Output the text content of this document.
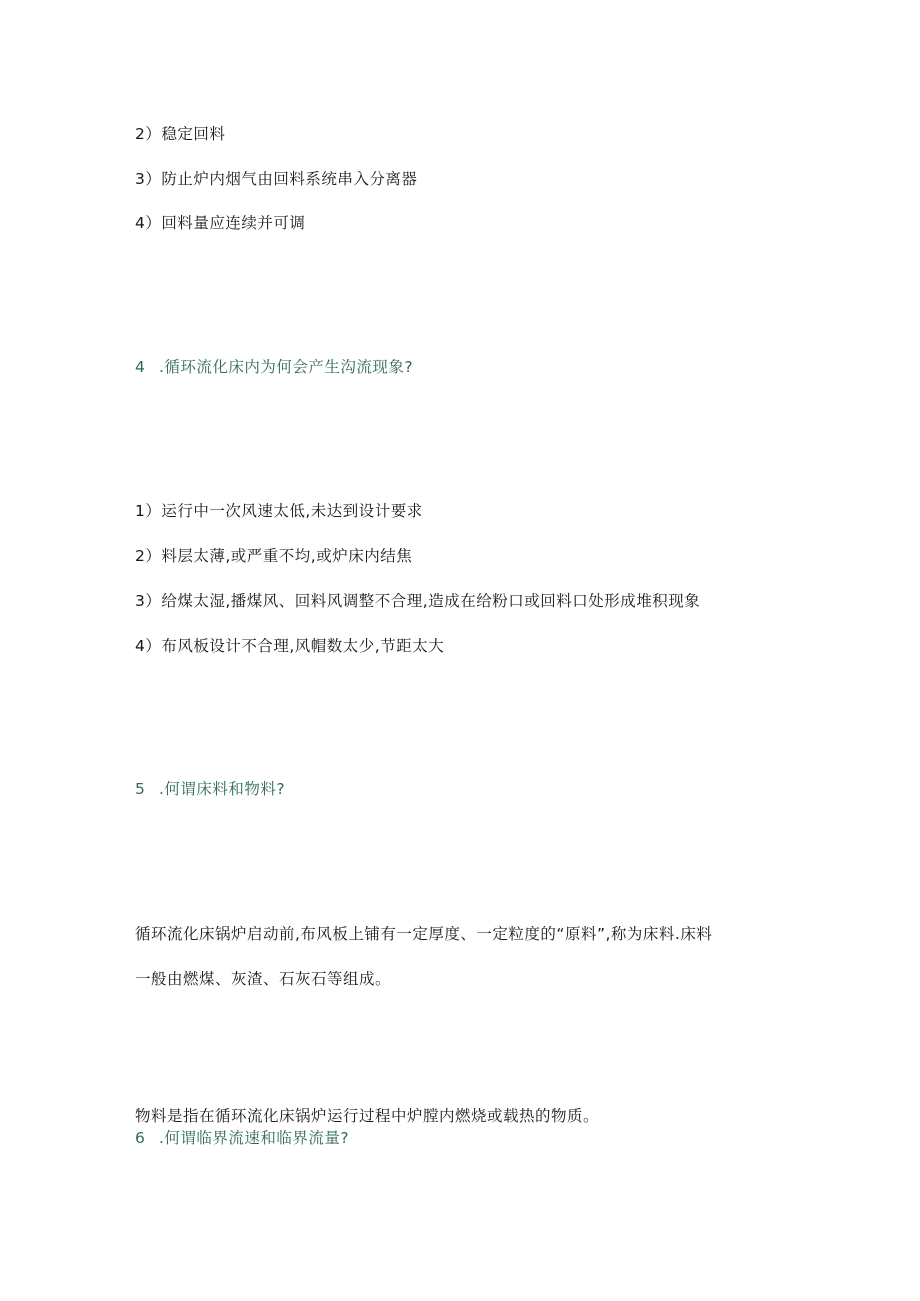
2）稳定回料
3）防止炉内烟气由回料系统串入分离器
4）回料量应连续并可调
4 .循环流化床内为何会产生沟流现象?
1）运行中一次风速太低,未达到设计要求
2）料层太薄,或严重不均,或炉床内结焦
3）给煤太湿,播煤风、回料风调整不合理,造成在给粉口或回料口处形成堆积现象
4）布风板设计不合理,风帽数太少,节距太大
5 .何谓床料和物料?
循环流化床锅炉启动前,布风板上铺有一定厚度、一定粒度的“原料”,称为床料.床料
一般由燃煤、灰渣、石灰石等组成。
物料是指在循环流化床锅炉运行过程中炉膛内燃烧或载热的物质。
6 .何谓临界流速和临界流量?
